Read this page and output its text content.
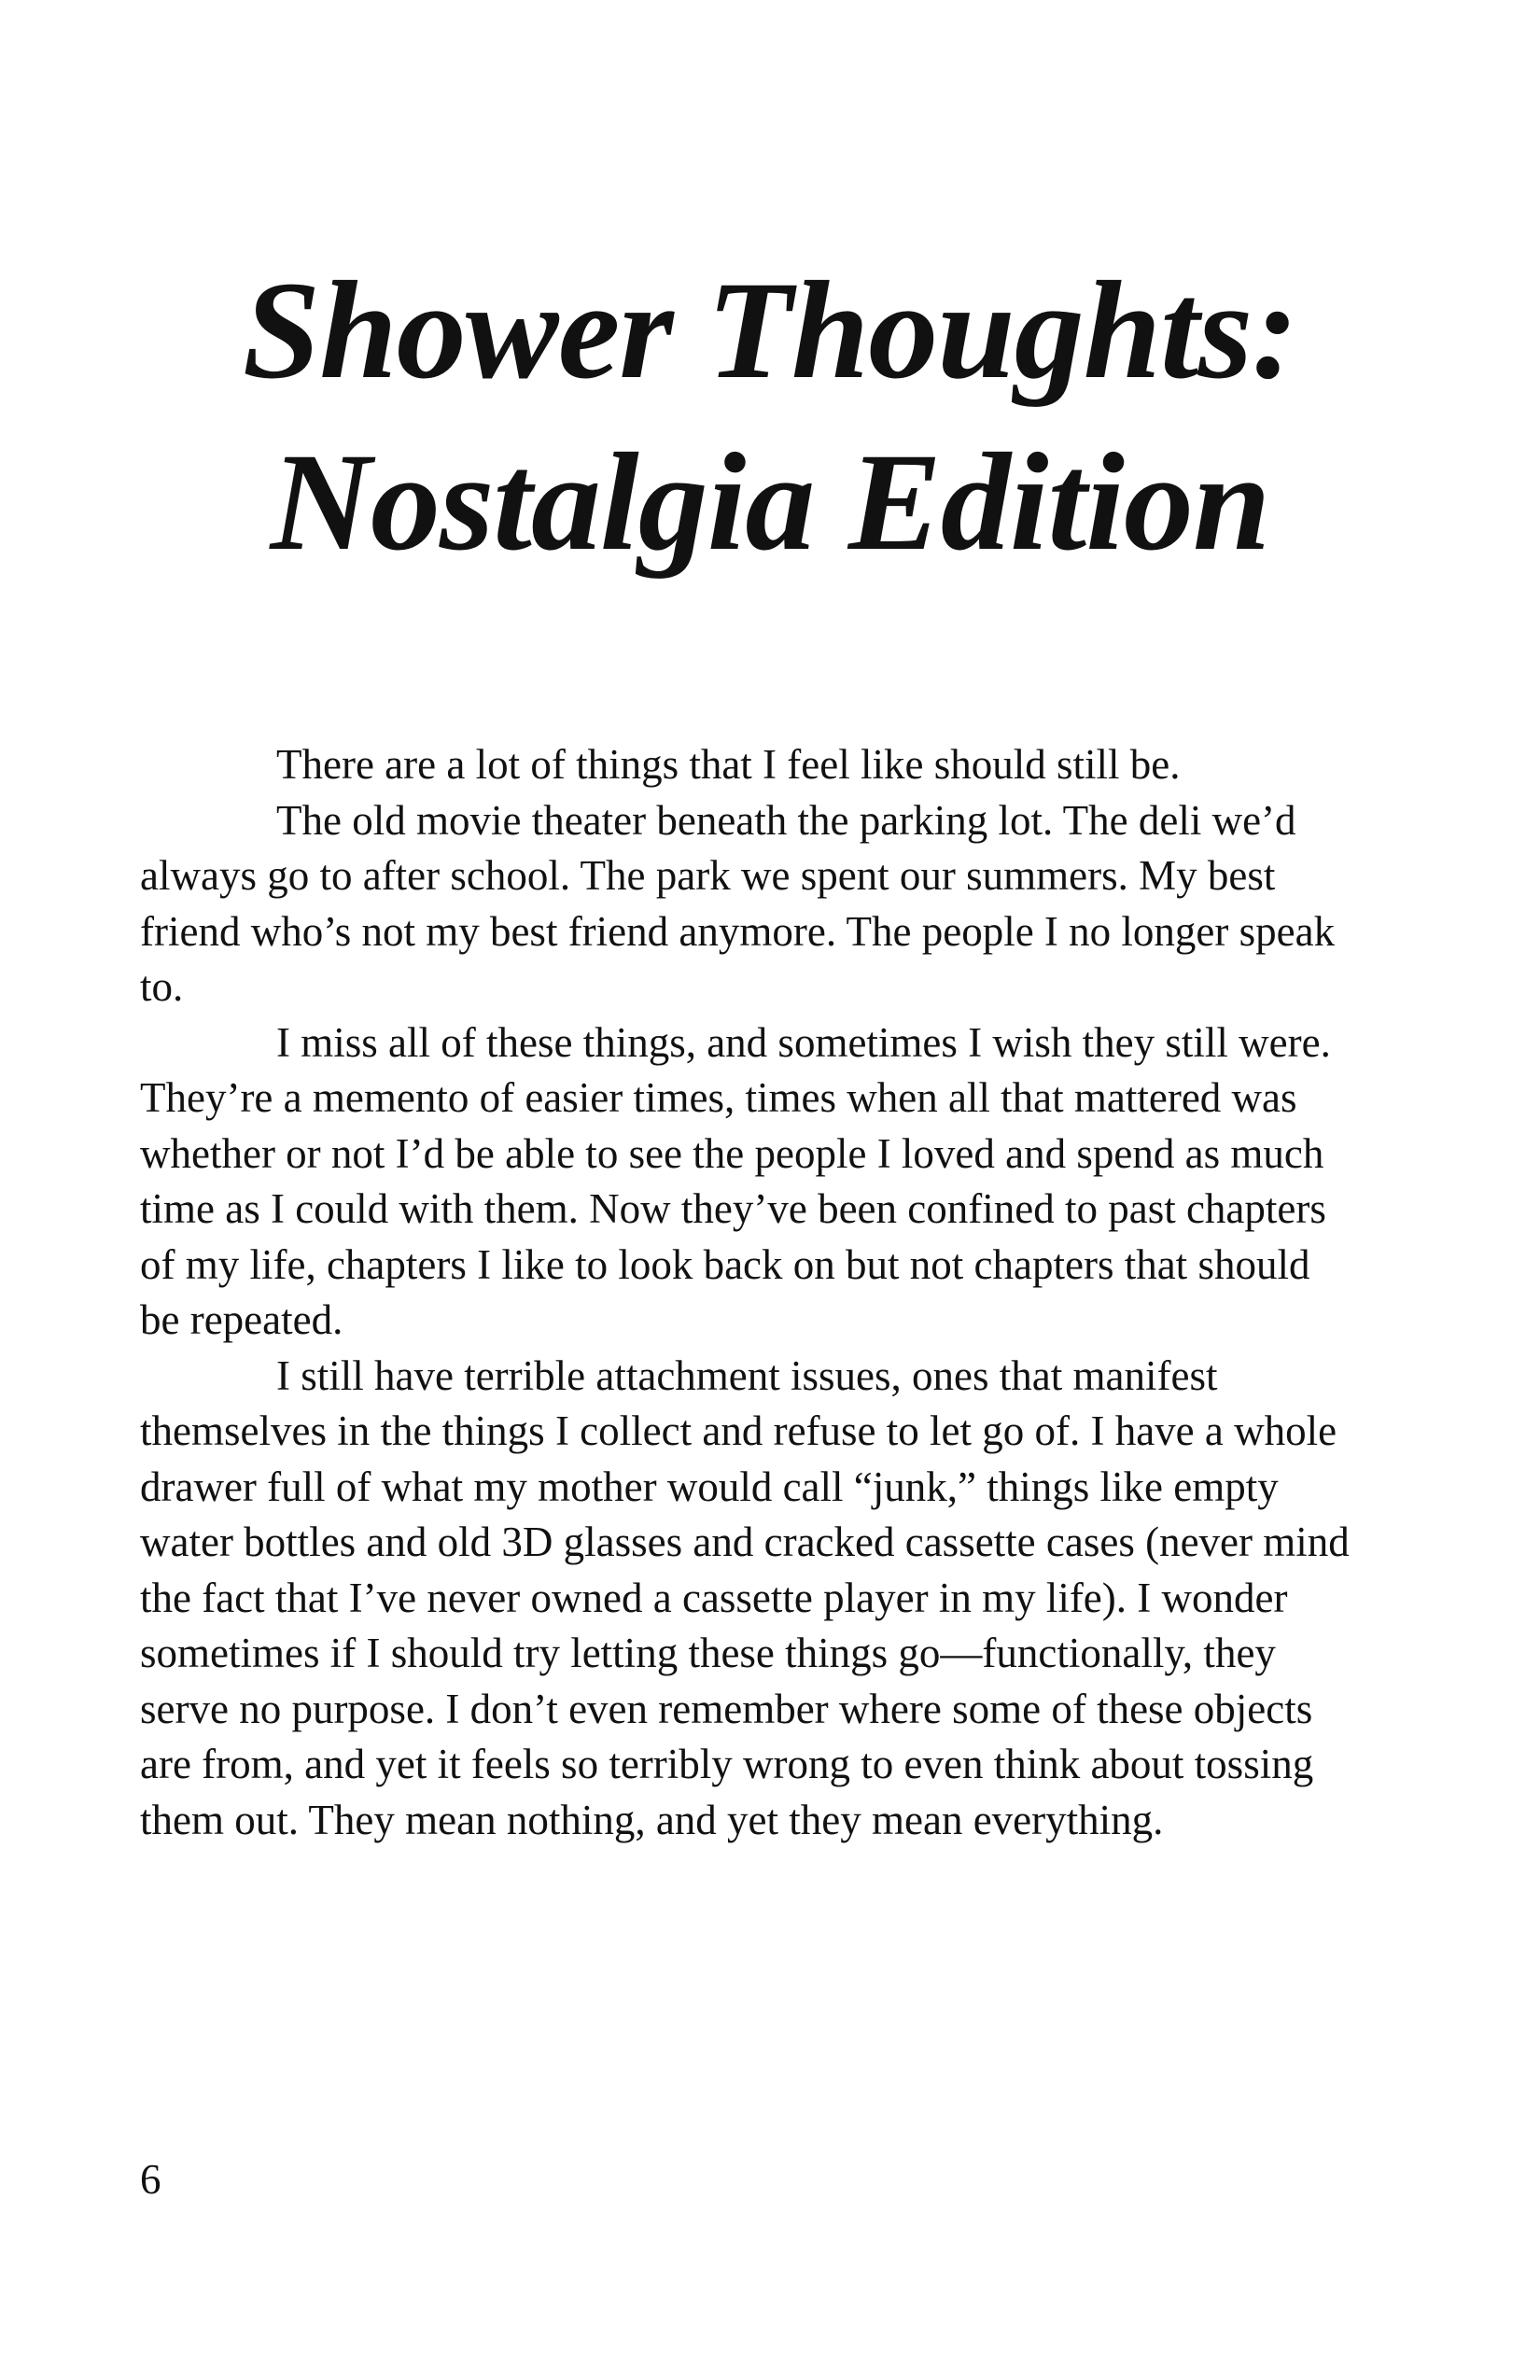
Shower Thoughts:
Nostalgia Edition

There are a lot of things that I feel like should still be.

The old movie theater beneath the parking lot. The deli we’d always go to after school. The park we spent our summers. My best friend who’s not my best friend anymore. The people I no longer speak to.

I miss all of these things, and sometimes I wish they still were. They’re a memento of easier times, times when all that mattered was whether or not I’d be able to see the people I loved and spend as much time as I could with them. Now they’ve been confined to past chapters of my life, chapters I like to look back on but not chapters that should be repeated.

I still have terrible attachment issues, ones that manifest themselves in the things I collect and refuse to let go of. I have a whole drawer full of what my mother would call “junk,” things like empty water bottles and old 3D glasses and cracked cassette cases (never mind the fact that I’ve never owned a cassette player in my life). I wonder sometimes if I should try letting these things go—functionally, they serve no purpose. I don’t even remember where some of these objects are from, and yet it feels so terribly wrong to even think about tossing them out. They mean nothing, and yet they mean everything.

6
